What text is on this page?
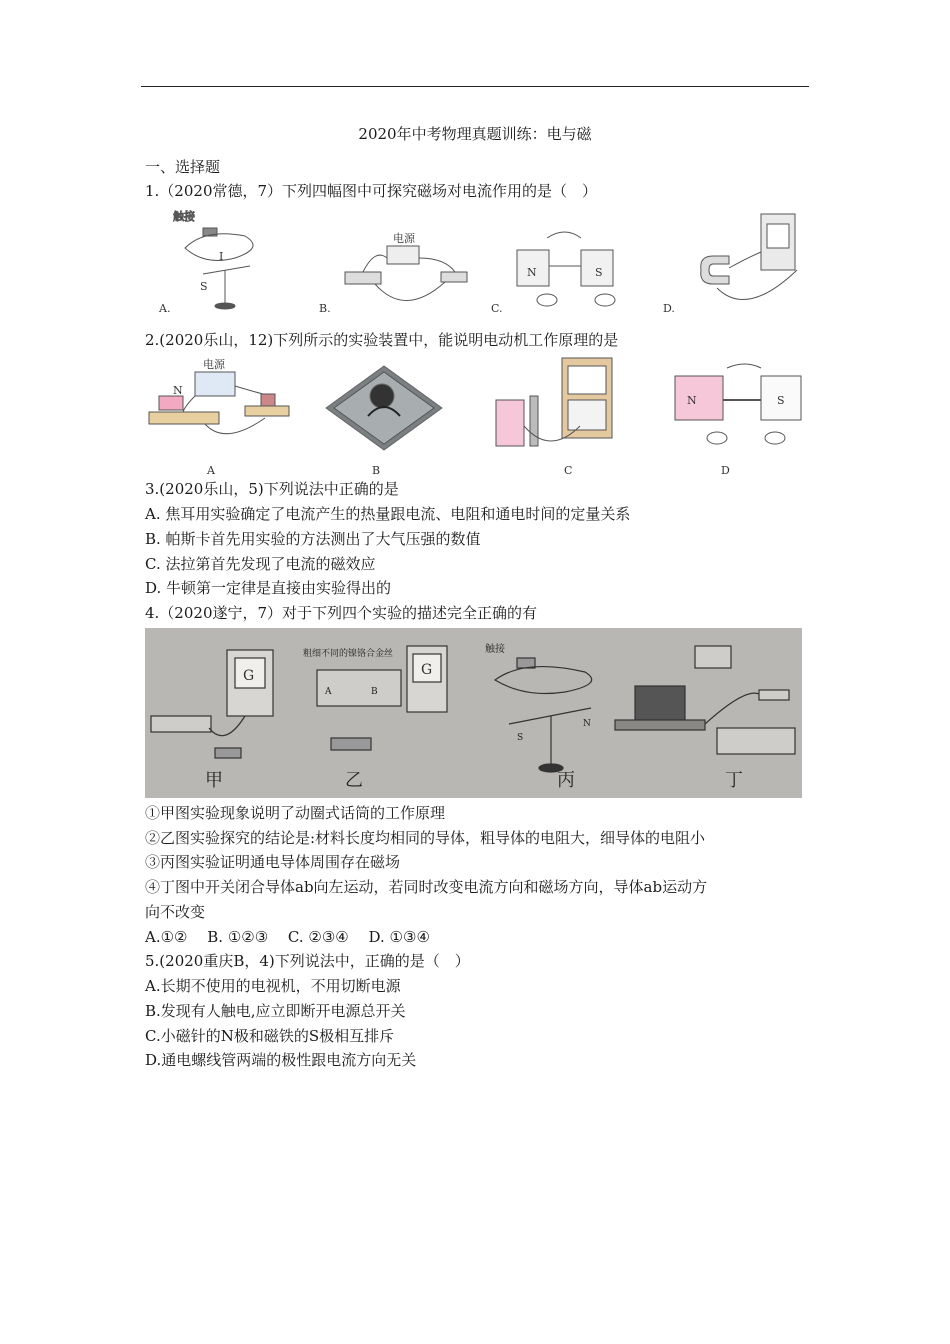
2020年中考物理真题训练：电与磁
一、选择题
1.（2020常德，7）下列四幅图中可探究磁场对电流作用的是（　）
触接
S
I
A.
电源
B.
N	S
C.	D.
2.(2020乐山，12)下列所示的实验装置中，能说明电动机工作原理的是
电源
N
A	B	C
N	S
D
3.(2020乐山，5)下列说法中正确的是
A. 焦耳用实验确定了电流产生的热量跟电流、电阻和通电时间的定量关系
B. 帕斯卡首先用实验的方法测出了大气压强的数值
C. 法拉第首先发现了电流的磁效应
D. 牛顿第一定律是直接由实验得出的
4.（2020遂宁，7）对于下列四个实验的描述完全正确的有
G
甲
粗细不同的镍铬合金丝
A	B
G
乙
触接
S
N
丙	丁
①甲图实验现象说明了动圈式话筒的工作原理
②乙图实验探究的结论是:材料长度均相同的导体，粗导体的电阻大，细导体的电阻小
③丙图实验证明通电导体周围存在磁场
④丁图中开关闭合导体ab向左运动，若同时改变电流方向和磁场方向，导体ab运动方
向不改变
A.①②　 B. ①②③　 C. ②③④　 D. ①③④
5.(2020重庆B，4)下列说法中，正确的是（　）
A.长期不使用的电视机，不用切断电源
B.发现有人触电,应立即断开电源总开关
C.小磁针的N极和磁铁的S极相互排斥
D.通电螺线管两端的极性跟电流方向无关
